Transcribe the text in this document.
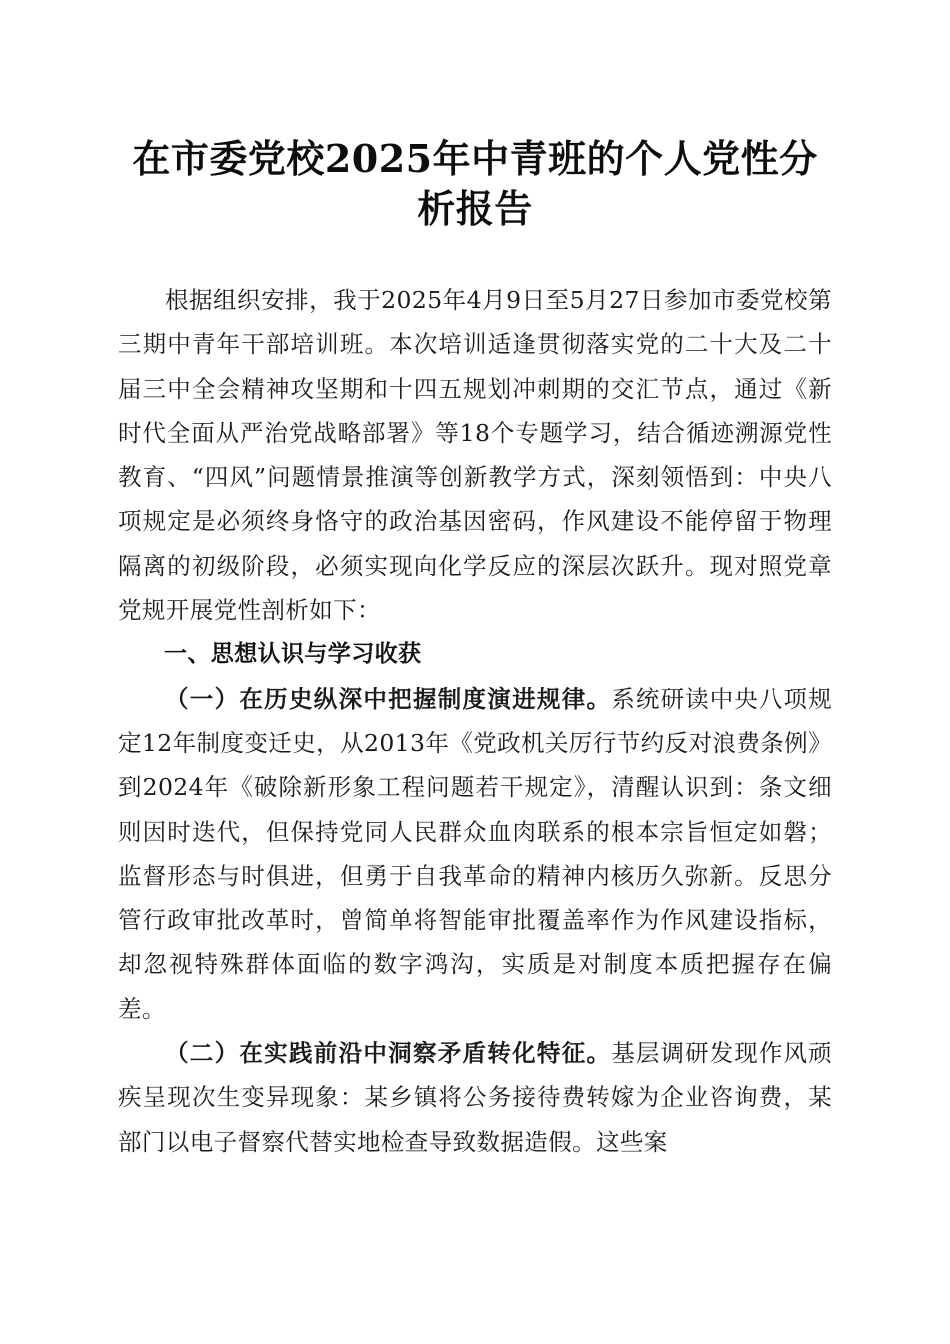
在市委党校2025年中青班的个人党性分析报告

根据组织安排，我于2025年4月9日至5月27日参加市委党校第三期中青年干部培训班。本次培训适逢贯彻落实党的二十大及二十届三中全会精神攻坚期和十四五规划冲刺期的交汇节点，通过《新时代全面从严治党战略部署》等18个专题学习，结合循迹溯源党性教育、“四风”问题情景推演等创新教学方式，深刻领悟到：中央八项规定是必须终身恪守的政治基因密码，作风建设不能停留于物理隔离的初级阶段，必须实现向化学反应的深层次跃升。现对照党章党规开展党性剖析如下：

一、思想认识与学习收获

（一）在历史纵深中把握制度演进规律。系统研读中央八项规定12年制度变迁史，从2013年《党政机关厉行节约反对浪费条例》到2024年《破除新形象工程问题若干规定》，清醒认识到：条文细则因时迭代，但保持党同人民群众血肉联系的根本宗旨恒定如磐；监督形态与时俱进，但勇于自我革命的精神内核历久弥新。反思分管行政审批改革时，曾简单将智能审批覆盖率作为作风建设指标，却忽视特殊群体面临的数字鸿沟，实质是对制度本质把握存在偏差。

（二）在实践前沿中洞察矛盾转化特征。基层调研发现作风顽疾呈现次生变异现象：某乡镇将公务接待费转嫁为企业咨询费，某部门以电子督察代替实地检查导致数据造假。这些案
